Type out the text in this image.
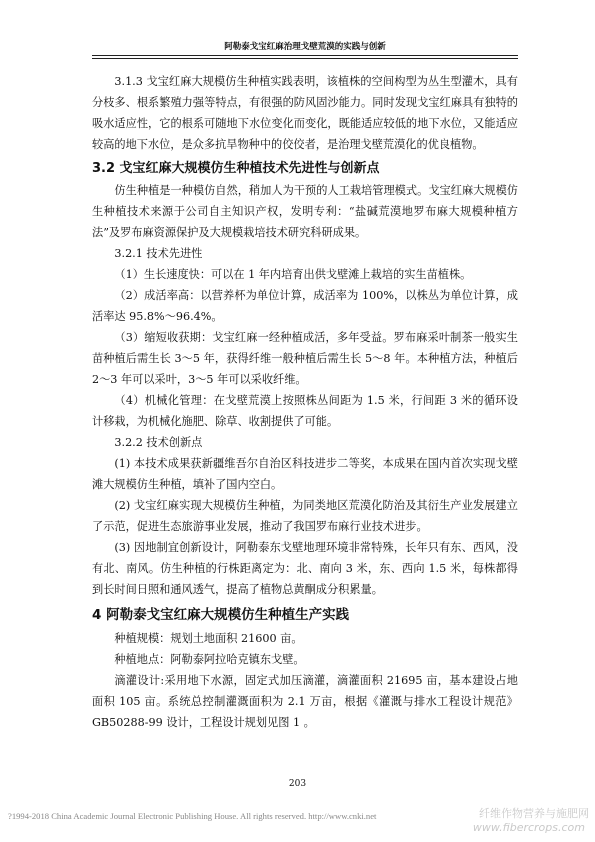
阿勒泰戈宝红麻治理戈壁荒漠的实践与创新

3.1.3 戈宝红麻大规模仿生种植实践表明，该植株的空间构型为丛生型灌木，具有分枝多、根系繁殖力强等特点，有很强的防风固沙能力。同时发现戈宝红麻具有独特的吸水适应性，它的根系可随地下水位变化而变化，既能适应较低的地下水位，又能适应较高的地下水位，是众多抗旱物种中的佼佼者，是治理戈壁荒漠化的优良植物。

3.2 戈宝红麻大规模仿生种植技术先进性与创新点

仿生种植是一种模仿自然，稍加人为干预的人工栽培管理模式。戈宝红麻大规模仿生种植技术来源于公司自主知识产权，发明专利：“盐碱荒漠地罗布麻大规模种植方法”及罗布麻资源保护及大规模栽培技术研究科研成果。

3.2.1 技术先进性

（1）生长速度快：可以在 1 年内培育出供戈壁滩上栽培的实生苗植株。

（2）成活率高：以营养杯为单位计算，成活率为 100%，以株丛为单位计算，成活率达 95.8%～96.4%。

（3）缩短收获期：戈宝红麻一经种植成活，多年受益。罗布麻采叶制茶一般实生苗种植后需生长 3～5 年，获得纤维一般种植后需生长 5～8 年。本种植方法，种植后 2～3 年可以采叶，3～5 年可以采收纤维。

（4）机械化管理：在戈壁荒漠上按照株丛间距为 1.5 米，行间距 3 米的循环设计移栽，为机械化施肥、除草、收割提供了可能。

3.2.2 技术创新点

(1) 本技术成果获新疆维吾尔自治区科技进步二等奖，本成果在国内首次实现戈壁滩大规模仿生种植，填补了国内空白。

(2) 戈宝红麻实现大规模仿生种植，为同类地区荒漠化防治及其衍生产业发展建立了示范，促进生态旅游事业发展，推动了我国罗布麻行业技术进步。

(3) 因地制宜创新设计，阿勒泰东戈壁地理环境非常特殊，长年只有东、西风，没有北、南风。仿生种植的行株距离定为：北、南向 3 米，东、西向 1.5 米，每株都得到长时间日照和通风透气，提高了植物总黄酮成分积累量。

4 阿勒泰戈宝红麻大规模仿生种植生产实践

种植规模：规划土地面积 21600 亩。

种植地点：阿勒泰阿拉哈克镇东戈壁。

滴灌设计:采用地下水源，固定式加压滴灌，滴灌面积 21695 亩，基本建设占地面积 105 亩。系统总控制灌溉面积为 2.1 万亩，根据《灌溉与排水工程设计规范》GB50288-99 设计，工程设计规划见图 1 。

203
?1994-2018 China Academic Journal Electronic Publishing House. All rights reserved. http://www.cnki.net	纤维作物营养与施肥网
www.fibercrops.com
